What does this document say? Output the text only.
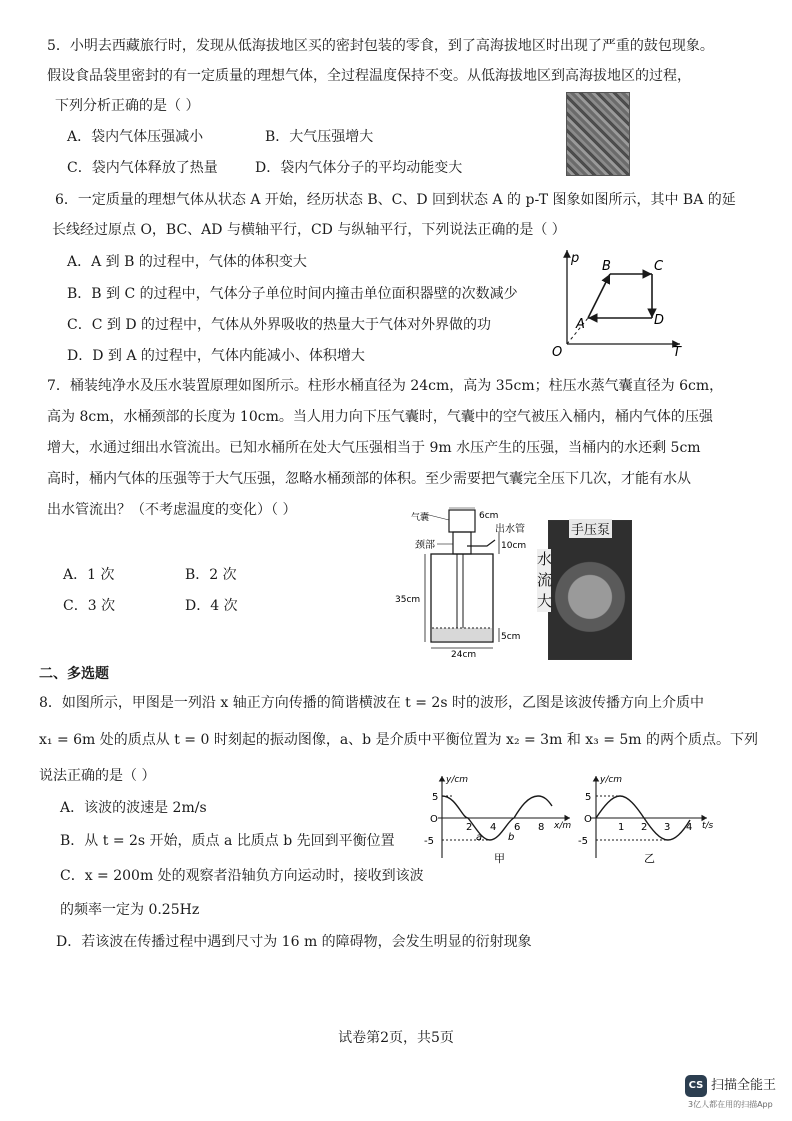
5．小明去西藏旅行时，发现从低海拔地区买的密封包装的零食，到了高海拔地区时出现了严重的鼓包现象。
假设食品袋里密封的有一定质量的理想气体，全过程温度保持不变。从低海拔地区到高海拔地区的过程，
下列分析正确的是（ ）
A．袋内气体压强减小	B．大气压强增大
C．袋内气体释放了热量	D．袋内气体分子的平均动能变大
6．一定质量的理想气体从状态 A 开始，经历状态 B、C、D 回到状态 A 的 p-T 图象如图所示，其中 BA 的延
长线经过原点 O，BC、AD 与横轴平行，CD 与纵轴平行，下列说法正确的是（ ）
A．A 到 B 的过程中，气体的体积变大
B．B 到 C 的过程中，气体分子单位时间内撞击单位面积器壁的次数减少
C．C 到 D 的过程中，气体从外界吸收的热量大于气体对外界做的功
D．D 到 A 的过程中，气体内能减小、体积增大
p
T
O
A
B	C
D
7．桶装纯净水及压水装置原理如图所示。柱形水桶直径为 24cm，高为 35cm；柱压水蒸气囊直径为 6cm，
高为 8cm，水桶颈部的长度为 10cm。当人用力向下压气囊时，气囊中的空气被压入桶内，桶内气体的压强
增大，水通过细出水管流出。已知水桶所在处大气压强相当于 9m 水压产生的压强，当桶内的水还剩 5cm
高时，桶内气体的压强等于大气压强，忽略水桶颈部的体积。至少需要把气囊完全压下几次，才能有水从
出水管流出？（不考虑温度的变化）（ ）
A．1 次	B．2 次
C．3 次	D．4 次
气囊	6cm
出水管
颈部	10cm
35cm
5cm
24cm
手压泵
水
流
大
二、多选题
8．如图所示，甲图是一列沿 x 轴正方向传播的简谐横波在 t = 2s 时的波形，乙图是该波传播方向上介质中
x₁ = 6m 处的质点从 t = 0 时刻起的振动图像，a、b 是介质中平衡位置为 x₂ = 3m 和 x₃ = 5m 的两个质点。下列
说法正确的是（ ）
A．该波的波速是 2m/s
B．从 t = 2s 开始，质点 a 比质点 b 先回到平衡位置
C．x = 200m 处的观察者沿轴负方向运动时，接收到该波
的频率一定为 0.25Hz
D．若该波在传播过程中遇到尺寸为 16 m 的障碍物，会发生明显的衍射现象
y/cm
x/m
5
O
-5
2 4 6 8
a	b
甲
y/cm
t/s
5
O
-5
1 2 3 4
乙
试卷第2页，共5页
CS 扫描全能王
3亿人都在用的扫描App
